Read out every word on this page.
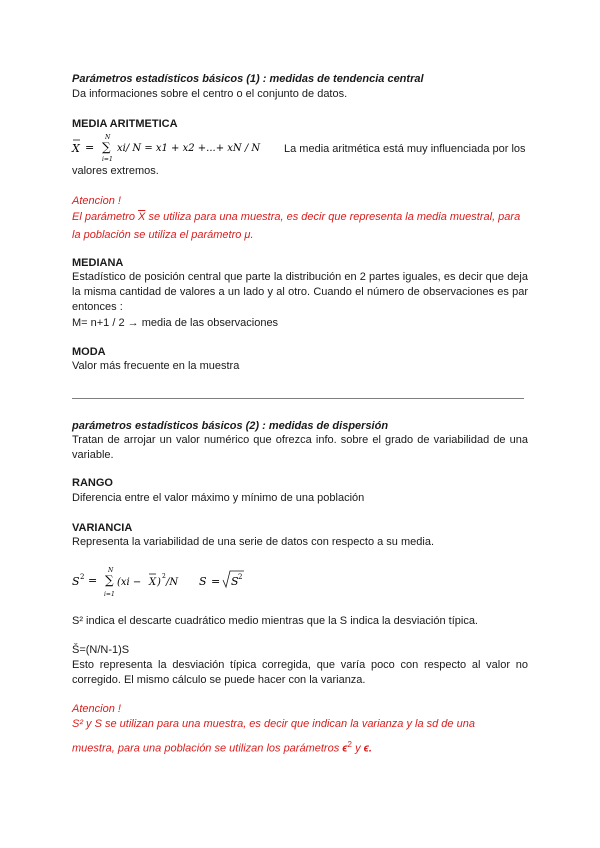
Parámetros estadísticos básicos (1) : medidas de tendencia central
Da informaciones sobre el centro o el conjunto de datos.
MEDIA ARITMETICA
X =
N
∑
i=1
xi/ N = x1 + x2 +...+ xN / N La media aritmética está muy influenciada por los
valores extremos.
Atencion !
El parámetro $\overline{X}$ se utiliza para una muestra, es decir que representa la media muestral, para
la población se utiliza el parámetro μ.
MEDIANA
Estadístico de posición central que parte la distribución en 2 partes iguales, es decir que deja la misma cantidad de valores a un lado y al otro. Cuando el número de observaciones es par entonces :
M= n+1 / 2 → media de las observaciones
MODA
Valor más frecuente en la muestra
parámetros estadísticos básicos (2) : medidas de dispersión
Tratan de arrojar un valor numérico que ofrezca info. sobre el grado de variabilidad de una variable.
RANGO
Diferencia entre el valor máximo y mínimo de una población
VARIANCIA
Representa la variabilidad de una serie de datos con respecto a su media.
S 2 =
N
∑
i=1
(xi − X )
2
/N S = S 2
S² indica el descarte cuadrático medio mientras que la S indica la desviación típica.
Š=(N/N-1)S
Esto representa la desviación típica corregida, que varía poco con respecto al valor no corregido. El mismo cálculo se puede hacer con la varianza.
Atencion !
S² y S se utilizan para una muestra, es decir que indican la varianza y la sd de una
muestra, para una población se utilizan los parámetros $\epsilon^2$ y ϵ.
